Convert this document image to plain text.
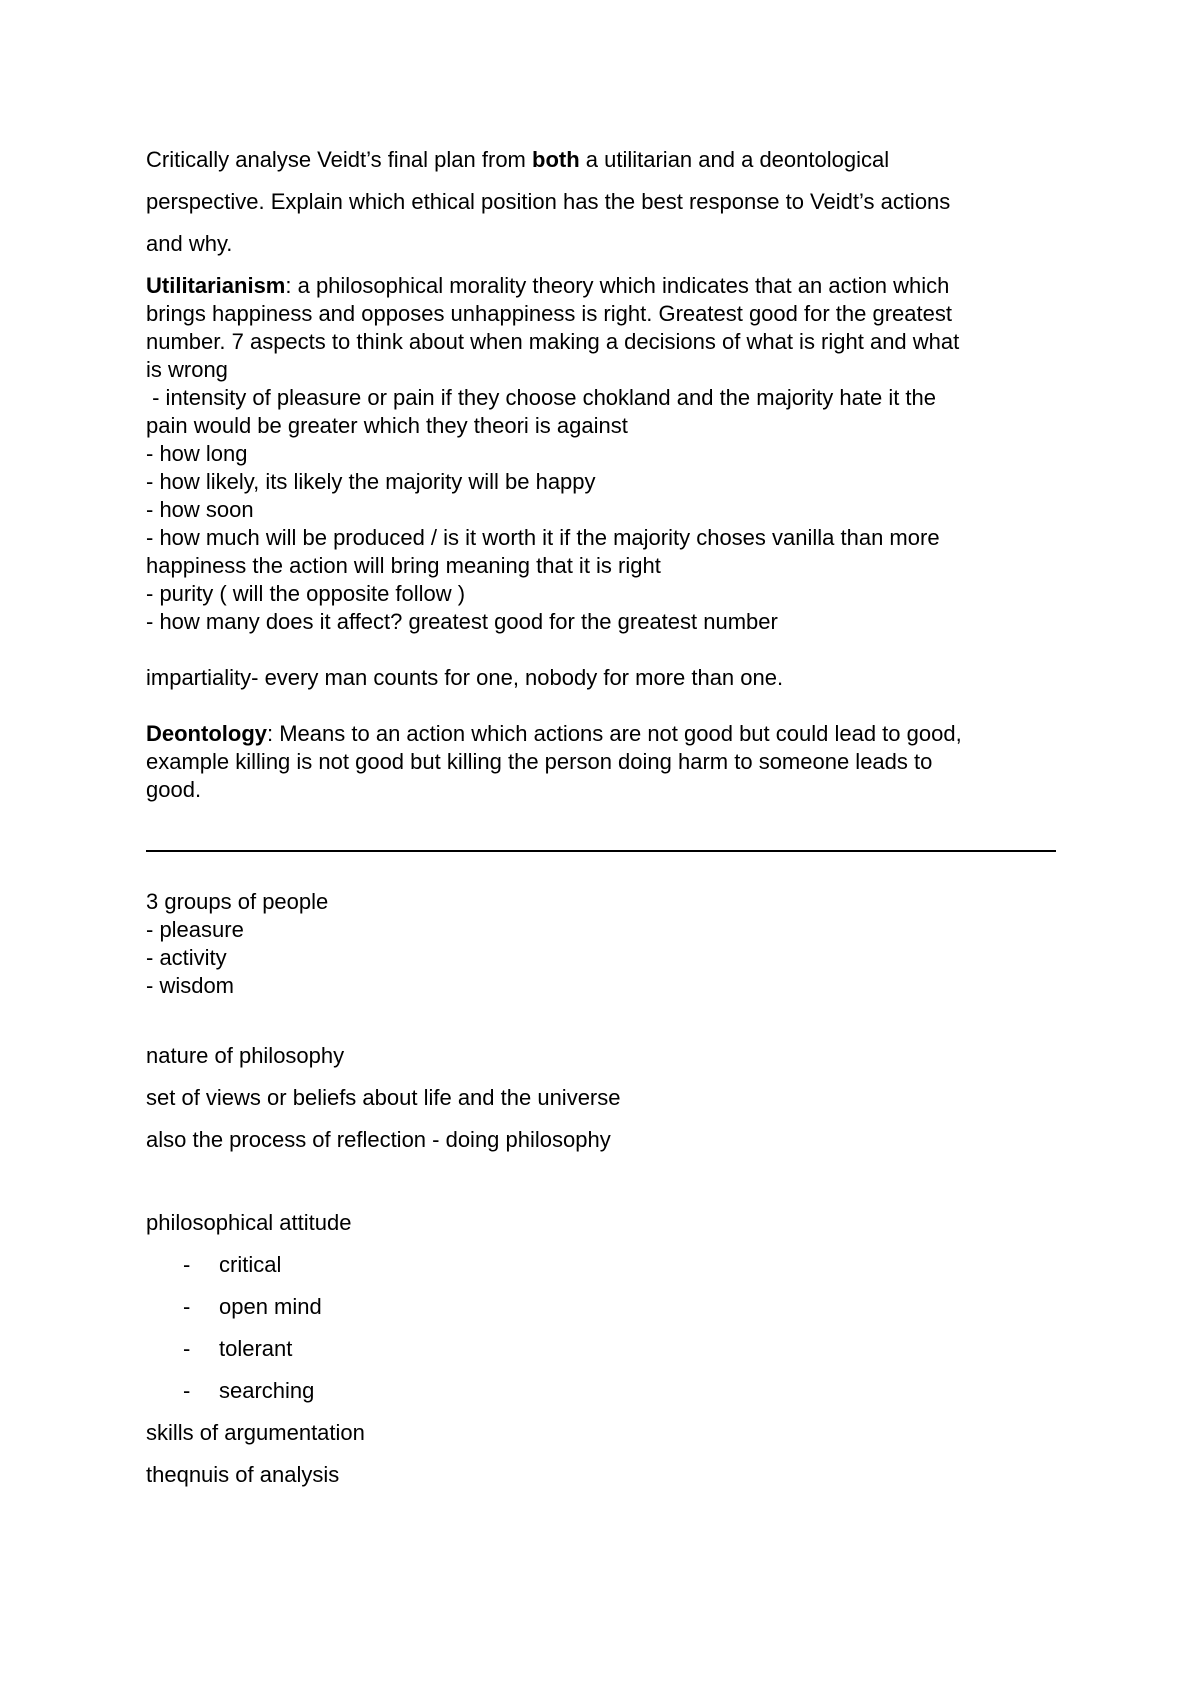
Critically analyse Veidt’s final plan from both a utilitarian and a deontological
perspective. Explain which ethical position has the best response to Veidt’s actions
and why.
Utilitarianism: a philosophical morality theory which indicates that an action which
brings happiness and opposes unhappiness is right. Greatest good for the greatest
number. 7 aspects to think about when making a decisions of what is right and what
is wrong
- intensity of pleasure or pain if they choose chokland and the majority hate it the
pain would be greater which they theori is against
- how long
- how likely, its likely the majority will be happy
- how soon
- how much will be produced / is it worth it if the majority choses vanilla than more
happiness the action will bring meaning that it is right
- purity ( will the opposite follow )
- how many does it affect? greatest good for the greatest number
impartiality- every man counts for one, nobody for more than one.
Deontology: Means to an action which actions are not good but could lead to good,
example killing is not good but killing the person doing harm to someone leads to
good.
3 groups of people
- pleasure
- activity
- wisdom
nature of philosophy
set of views or beliefs about life and the universe
also the process of reflection - doing philosophy
philosophical attitude
- critical
- open mind
- tolerant
- searching
skills of argumentation
theqnuis of analysis
